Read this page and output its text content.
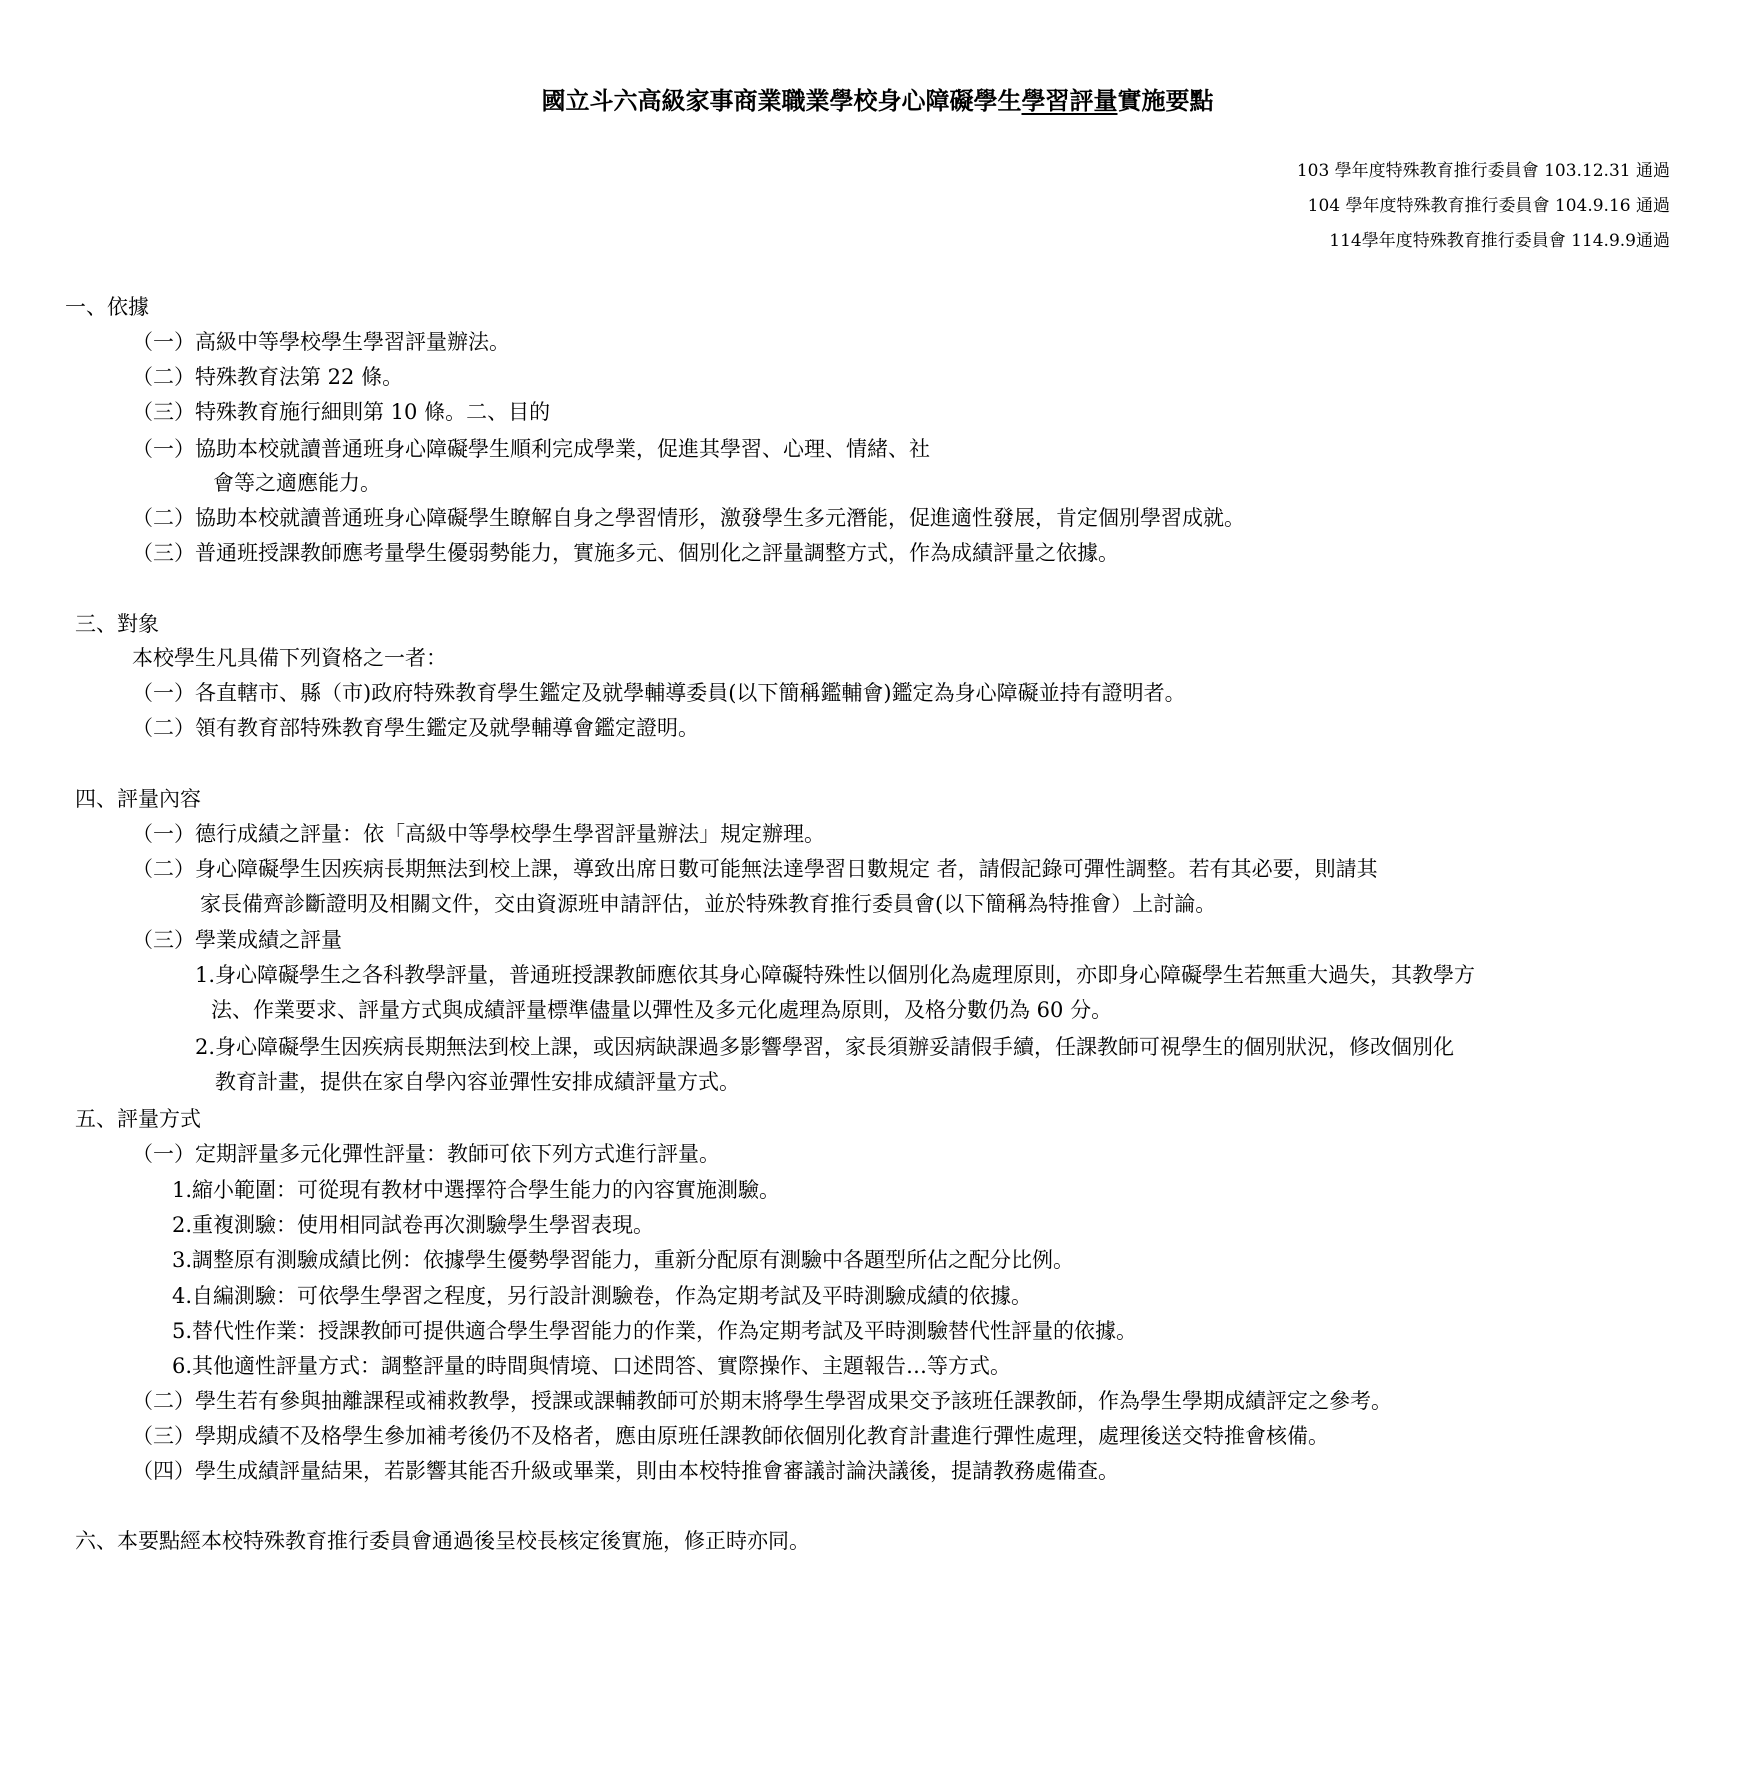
國立斗六高級家事商業職業學校身心障礙學生學習評量實施要點
103 學年度特殊教育推行委員會 103.12.31 通過
104 學年度特殊教育推行委員會 104.9.16 通過
114學年度特殊教育推行委員會 114.9.9通過
一、依據
（一）高級中等學校學生學習評量辦法。
（二）特殊教育法第 22 條。
（三）特殊教育施行細則第 10 條。二、目的
（一）協助本校就讀普通班身心障礙學生順利完成學業，促進其學習、心理、情緒、社
會等之適應能力。
（二）協助本校就讀普通班身心障礙學生瞭解自身之學習情形，激發學生多元潛能，促進適性發展，肯定個別學習成就。
（三）普通班授課教師應考量學生優弱勢能力，實施多元、個別化之評量調整方式，作為成績評量之依據。
三、對象
本校學生凡具備下列資格之一者：
（一）各直轄市、縣（市)政府特殊教育學生鑑定及就學輔導委員(以下簡稱鑑輔會)鑑定為身心障礙並持有證明者。
（二）領有教育部特殊教育學生鑑定及就學輔導會鑑定證明。
四、評量內容
（一）德行成績之評量：依「高級中等學校學生學習評量辦法」規定辦理。
（二）身心障礙學生因疾病長期無法到校上課，導致出席日數可能無法達學習日數規定 者，請假記錄可彈性調整。若有其必要，則請其
家長備齊診斷證明及相關文件，交由資源班申請評估，並於特殊教育推行委員會(以下簡稱為特推會）上討論。
（三）學業成績之評量
1.身心障礙學生之各科教學評量，普通班授課教師應依其身心障礙特殊性以個別化為處理原則，亦即身心障礙學生若無重大過失，其教學方
法、作業要求、評量方式與成績評量標準儘量以彈性及多元化處理為原則，及格分數仍為 60 分。
2.身心障礙學生因疾病長期無法到校上課，或因病缺課過多影響學習，家長須辦妥請假手續，任課教師可視學生的個別狀況，修改個別化
教育計畫，提供在家自學內容並彈性安排成績評量方式。
五、評量方式
（一）定期評量多元化彈性評量：教師可依下列方式進行評量。
1.縮小範圍：可從現有教材中選擇符合學生能力的內容實施測驗。
2.重複測驗：使用相同試卷再次測驗學生學習表現。
3.調整原有測驗成績比例：依據學生優勢學習能力，重新分配原有測驗中各題型所佔之配分比例。
4.自編測驗：可依學生學習之程度，另行設計測驗卷，作為定期考試及平時測驗成績的依據。
5.替代性作業：授課教師可提供適合學生學習能力的作業，作為定期考試及平時測驗替代性評量的依據。
6.其他適性評量方式：調整評量的時間與情境、口述問答、實際操作、主題報告…等方式。
（二）學生若有參與抽離課程或補救教學，授課或課輔教師可於期末將學生學習成果交予該班任課教師，作為學生學期成績評定之參考。
（三）學期成績不及格學生參加補考後仍不及格者，應由原班任課教師依個別化教育計畫進行彈性處理，處理後送交特推會核備。
（四）學生成績評量結果，若影響其能否升級或畢業，則由本校特推會審議討論決議後，提請教務處備查。
六、本要點經本校特殊教育推行委員會通過後呈校長核定後實施，修正時亦同。
